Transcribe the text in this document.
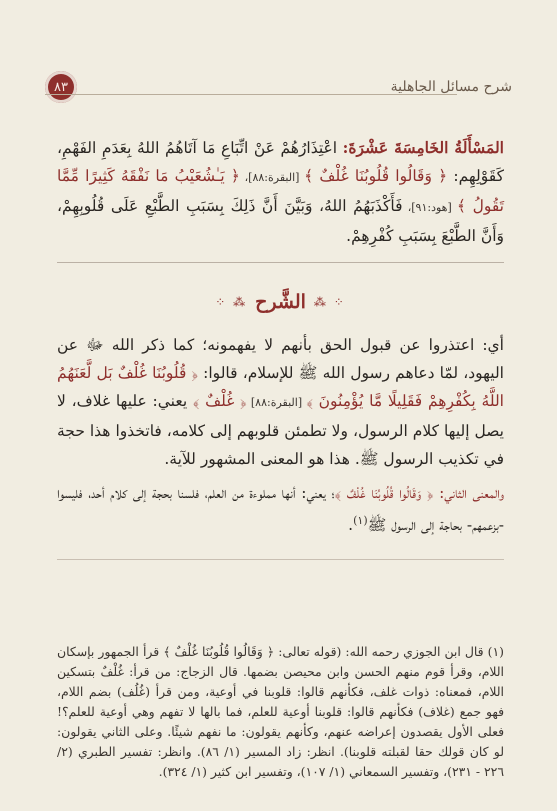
شرح مسائل الجاهلية
٨٣

المَسْأَلَةُ الخَامِسَةَ عَشْرَةَ: اعْتِذَارُهُمْ عَنْ اتِّبَاعِ مَا آتَاهُمُ اللهُ بِعَدَمِ الفَهْمِ، كَقَوْلِهِم: ﴿ وَقَالُوا قُلُوبُنَا غُلْفٌ ﴾ [البقرة:٨٨]، ﴿ يَـٰشُعَيْبُ مَا نَفْقَهُ كَثِيرًا مِّمَّا تَقُولُ ﴾ [هود:٩١]، فَأَكْذَبَهُمُ اللهُ، وَبَيَّنَ أَنَّ ذَلِكَ بِسَبَبِ الطَّبْعِ عَلَى قُلُوبِهِمْ، وَأَنَّ الطَّبْعَ بِسَبَبِ كُفْرِهِمْ.

⁘ ⁂
الشَّرح
⁂ ⁘

أي: اعتذروا عن قبول الحق بأنهم لا يفهمونه؛ كما ذكر الله ﷻ عن اليهود، لمّا دعاهم رسول الله ﷺ للإسلام، قالوا: ﴿ قُلُوبُنَا غُلْفٌ بَل لَّعَنَهُمُ اللَّهُ بِكُفْرِهِمْ فَقَلِيلًا مَّا يُؤْمِنُونَ ﴾ [البقرة:٨٨] ﴿ غُلْفٌ ﴾ يعني: عليها غلاف، لا يصل إليها كلام الرسول، ولا تطمئن قلوبهم إلى كلامه، فاتخذوا هذا حجة في تكذيب الرسول ﷺ. هذا هو المعنى المشهور للآية.

والمعنى الثاني: ﴿ وَقَالُوا قُلُوبُنَا غُلْفٌ ﴾؛ يعني: أنها مملوءة من العلم، فلسنا بحجة إلى كلام أحد، فليسوا -بزعمهم- بحاجة إلى الرسول ﷺ$^{(١)}$.

(١) قال ابن الجوزي رحمه الله: (قوله تعالى: ﴿ وَقَالُوا قُلُوبُنَا غُلْفٌ ﴾ قرأ الجمهور بإسكان اللام، وقرأ قوم منهم الحسن وابن محيصن بضمها. قال الزجاج: من قرأ: غُلْفٌ بتسكين اللام، فمعناه: ذوات غلف، فكأنهم قالوا: قلوبنا في أوعية، ومن قرأ (غُلُف) بضم اللام، فهو جمع (غلاف) فكأنهم قالوا: قلوبنا أوعية للعلم، فما بالها لا تفهم وهي أوعية للعلم؟! فعلى الأول يقصدون إعراضه عنهم، وكأنهم يقولون: ما نفهم شيئًا. وعلى الثاني يقولون: لو كان قولك حقا لقبلته قلوبنا). انظر: زاد المسير (١/ ٨٦). وانظر: تفسير الطبري (٢/ ٢٢٦ - ٢٣١)، وتفسير السمعاني (١/ ١٠٧)، وتفسير ابن كثير (١/ ٣٢٤).
